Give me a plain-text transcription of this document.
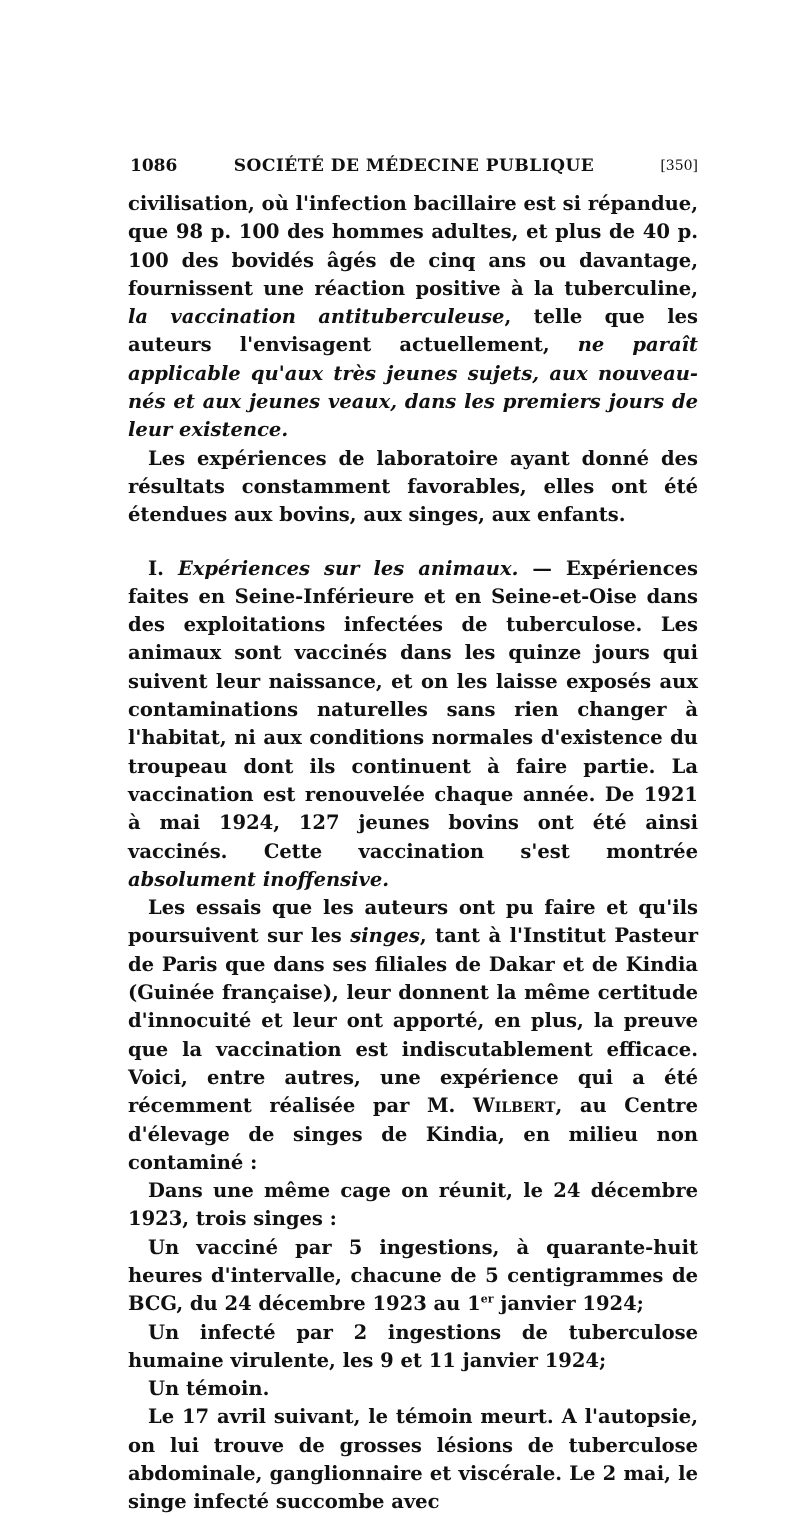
1086	SOCIÉTÉ DE MÉDECINE PUBLIQUE	[350]

civilisation, où l'infection bacillaire est si répandue, que 98 p. 100 des hommes adultes, et plus de 40 p. 100 des bovidés âgés de cinq ans ou davantage, fournissent une réaction positive à la tuberculine, la vaccination antituberculeuse, telle que les auteurs l'envisagent actuellement, ne paraît applicable qu'aux très jeunes sujets, aux nouveau-nés et aux jeunes veaux, dans les premiers jours de leur existence.

Les expériences de laboratoire ayant donné des résultats constamment favorables, elles ont été étendues aux bovins, aux singes, aux enfants.

I. Expériences sur les animaux. — Expériences faites en Seine-Inférieure et en Seine-et-Oise dans des exploitations infectées de tuberculose. Les animaux sont vaccinés dans les quinze jours qui suivent leur naissance, et on les laisse exposés aux contaminations naturelles sans rien changer à l'habitat, ni aux conditions normales d'existence du troupeau dont ils continuent à faire partie. La vaccination est renouvelée chaque année. De 1921 à mai 1924, 127 jeunes bovins ont été ainsi vaccinés. Cette vaccination s'est montrée absolument inoffensive.

Les essais que les auteurs ont pu faire et qu'ils poursuivent sur les singes, tant à l'Institut Pasteur de Paris que dans ses filiales de Dakar et de Kindia (Guinée française), leur donnent la même certitude d'innocuité et leur ont apporté, en plus, la preuve que la vaccination est indiscutablement efficace. Voici, entre autres, une expérience qui a été récemment réalisée par M. Wilbert, au Centre d'élevage de singes de Kindia, en milieu non contaminé :

Dans une même cage on réunit, le 24 décembre 1923, trois singes :

Un vacciné par 5 ingestions, à quarante-huit heures d'intervalle, chacune de 5 centigrammes de BCG, du 24 décembre 1923 au 1er janvier 1924;

Un infecté par 2 ingestions de tuberculose humaine virulente, les 9 et 11 janvier 1924;

Un témoin.

Le 17 avril suivant, le témoin meurt. A l'autopsie, on lui trouve de grosses lésions de tuberculose abdominale, ganglionnaire et viscérale. Le 2 mai, le singe infecté succombe avec
